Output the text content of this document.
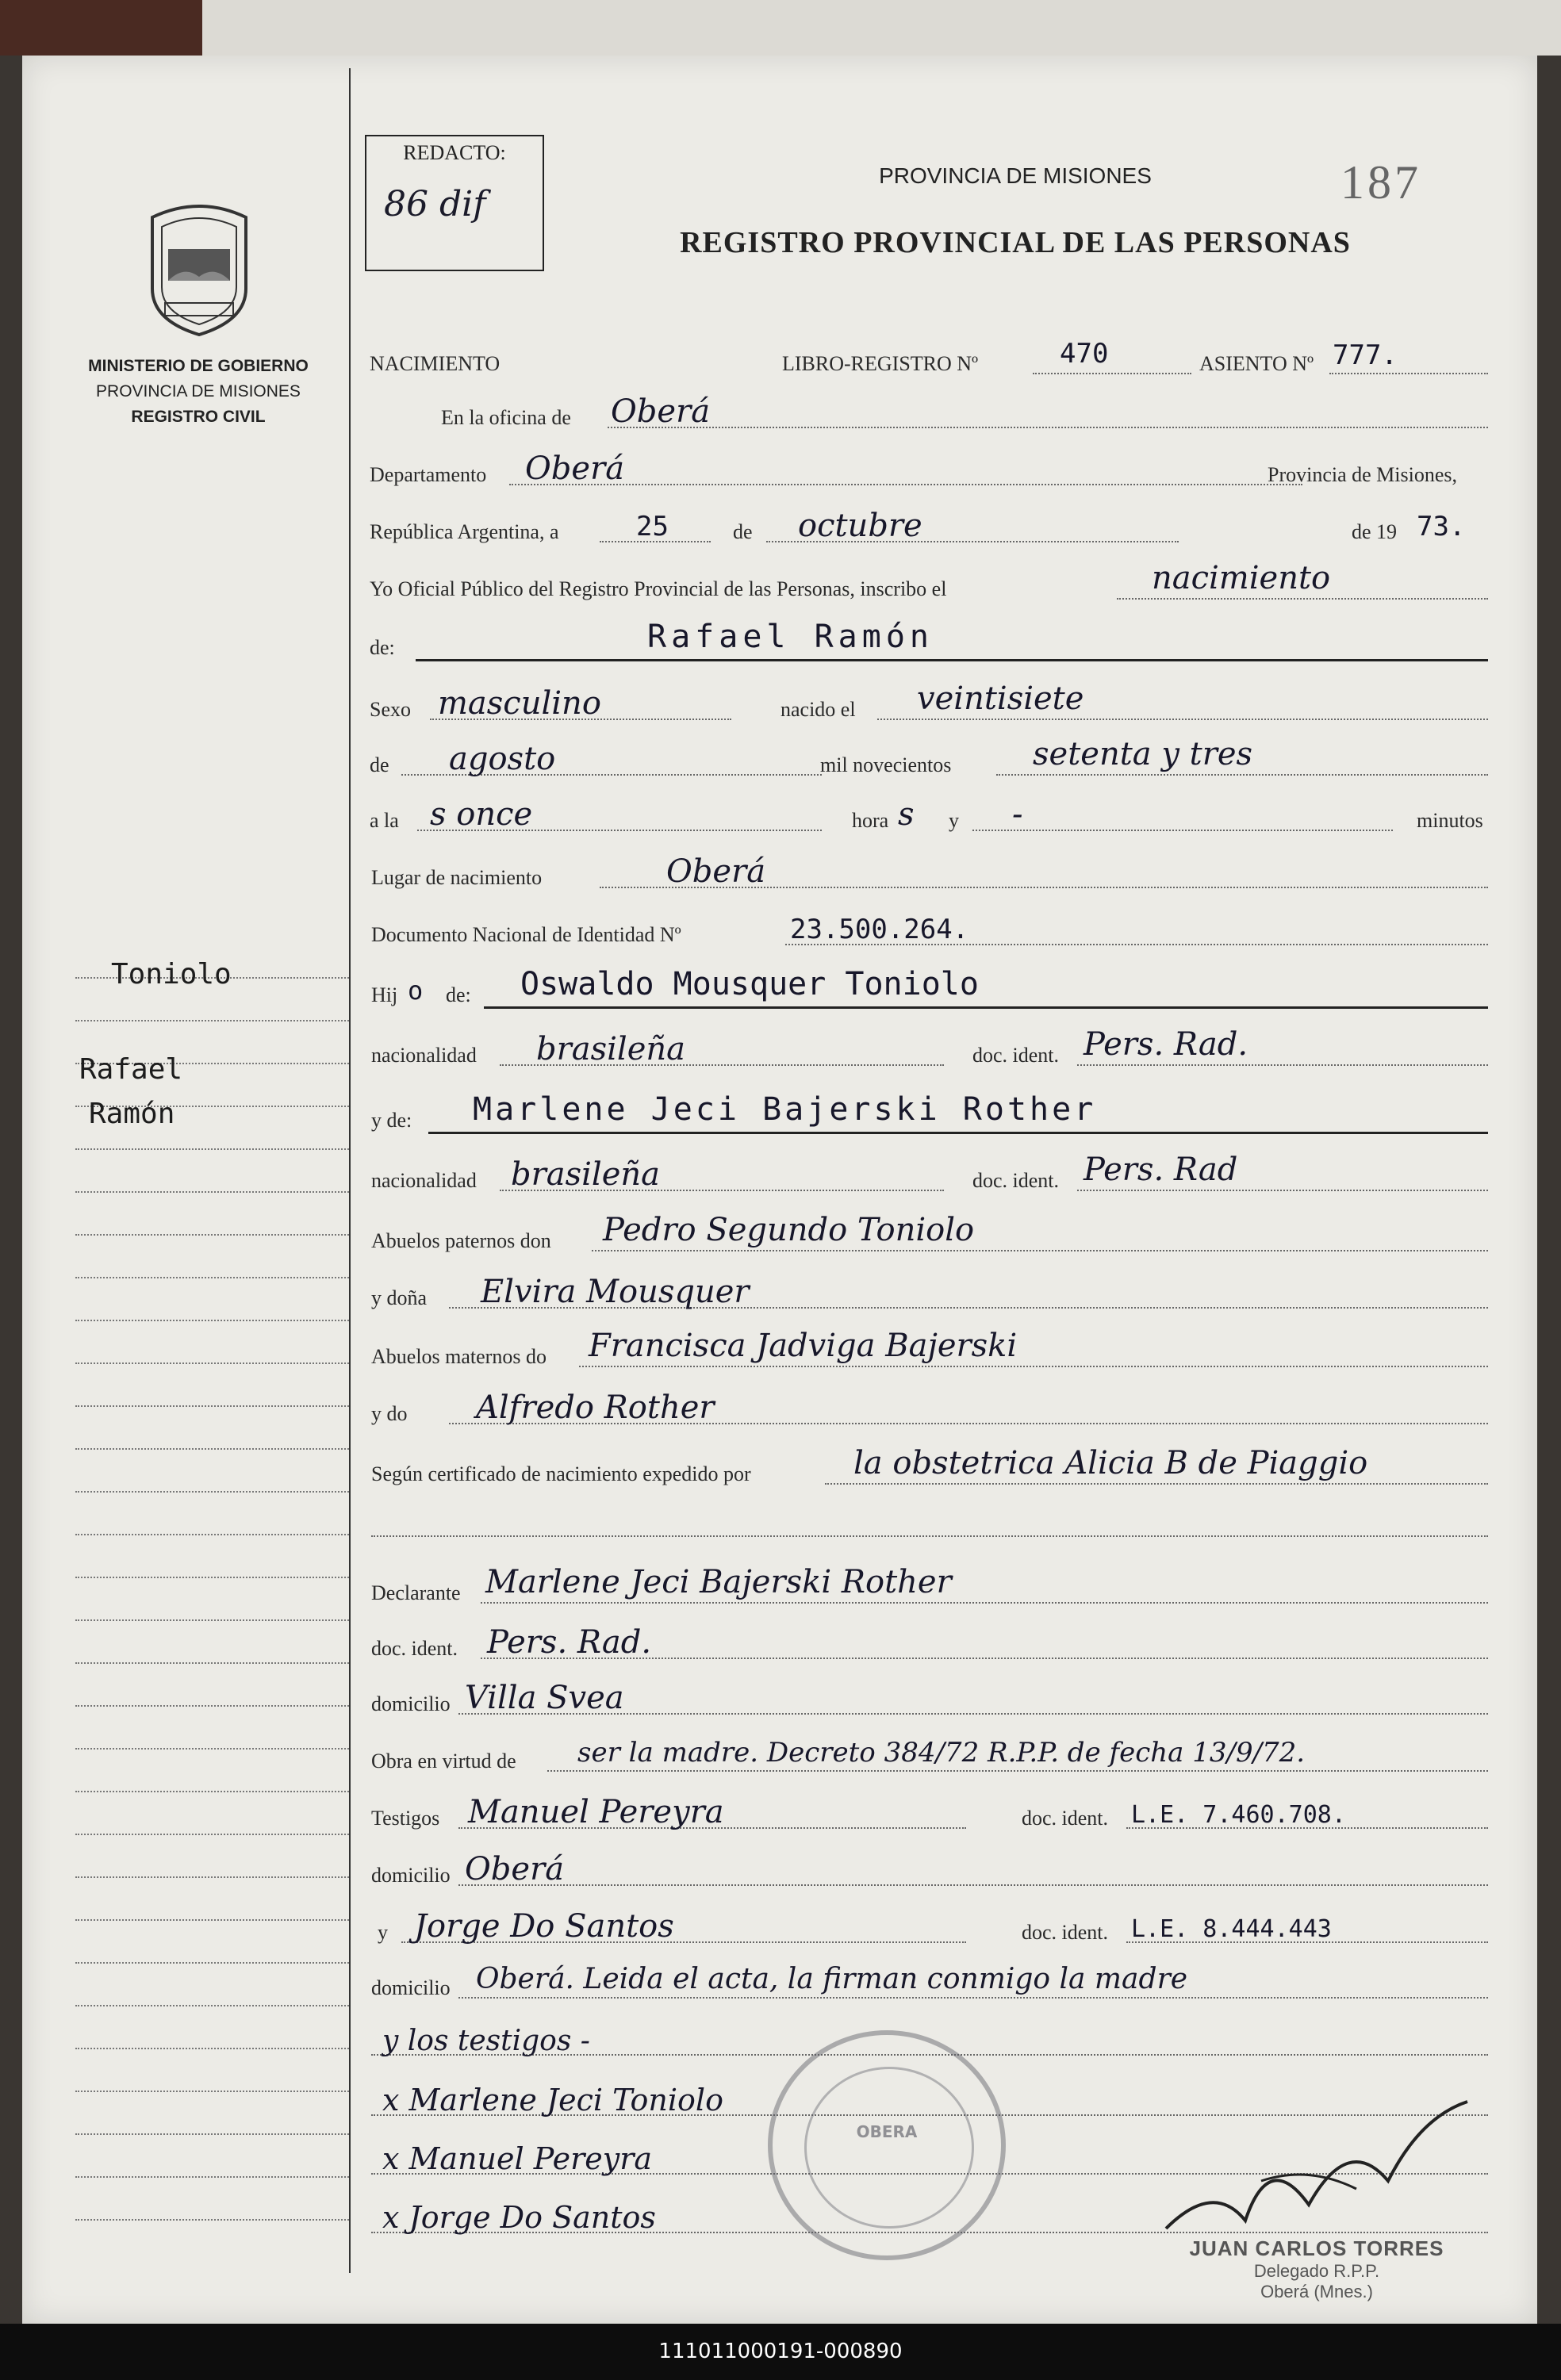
MINISTERIO DE GOBIERNO
PROVINCIA DE MISIONES
REGISTRO CIVIL
Toniolo
Rafael
Ramón
REDACTO:
86 dif
PROVINCIA DE MISIONES
REGISTRO PROVINCIAL DE LAS PERSONAS
187
NACIMIENTO	LIBRO-REGISTRO Nº	470	ASIENTO Nº 777.
En la oficina de Oberá
Departamento Oberá	Provincia de Misiones,
República Argentina, a	25	de octubre	de 19 73.
Yo Oficial Público del Registro Provincial de las Personas, inscribo el	nacimiento
de:	Rafael Ramón
Sexo masculino	nacido el veintisiete
de agosto	mil novecientos	setenta y tres
a la s once	hora s y -	minutos
Lugar de nacimiento	Oberá
Documento Nacional de Identidad Nº	23.500.264.
Hij o de: Oswaldo Mousquer Toniolo
nacionalidad brasileña	doc. ident. Pers. Rad.
y de: Marlene Jeci Bajerski Rother
nacionalidad brasileña	doc. ident. Pers. Rad
Abuelos paternos don Pedro Segundo Toniolo
y doña Elvira Mousquer
Abuelos maternos do Francisca Jadviga Bajerski
y do Alfredo Rother
Según certificado de nacimiento expedido por	la obstetrica Alicia B de Piaggio
Declarante Marlene Jeci Bajerski Rother
doc. ident. Pers. Rad.
domicilio Villa Svea
Obra en virtud de ser la madre. Decreto 384/72 R.P.P. de fecha 13/9/72.
Testigos Manuel Pereyra	doc. ident. L.E. 7.460.708.
domicilio Oberá
y Jorge Do Santos	doc. ident. L.E. 8.444.443
domicilio Oberá. Leida el acta, la firman conmigo la madre
y los testigos -
x Marlene Jeci Toniolo
x Manuel Pereyra
x Jorge Do Santos
OBERA
JUAN CARLOS TORRES
Delegado R.P.P.
Oberá (Mnes.)
111011000191-000890
